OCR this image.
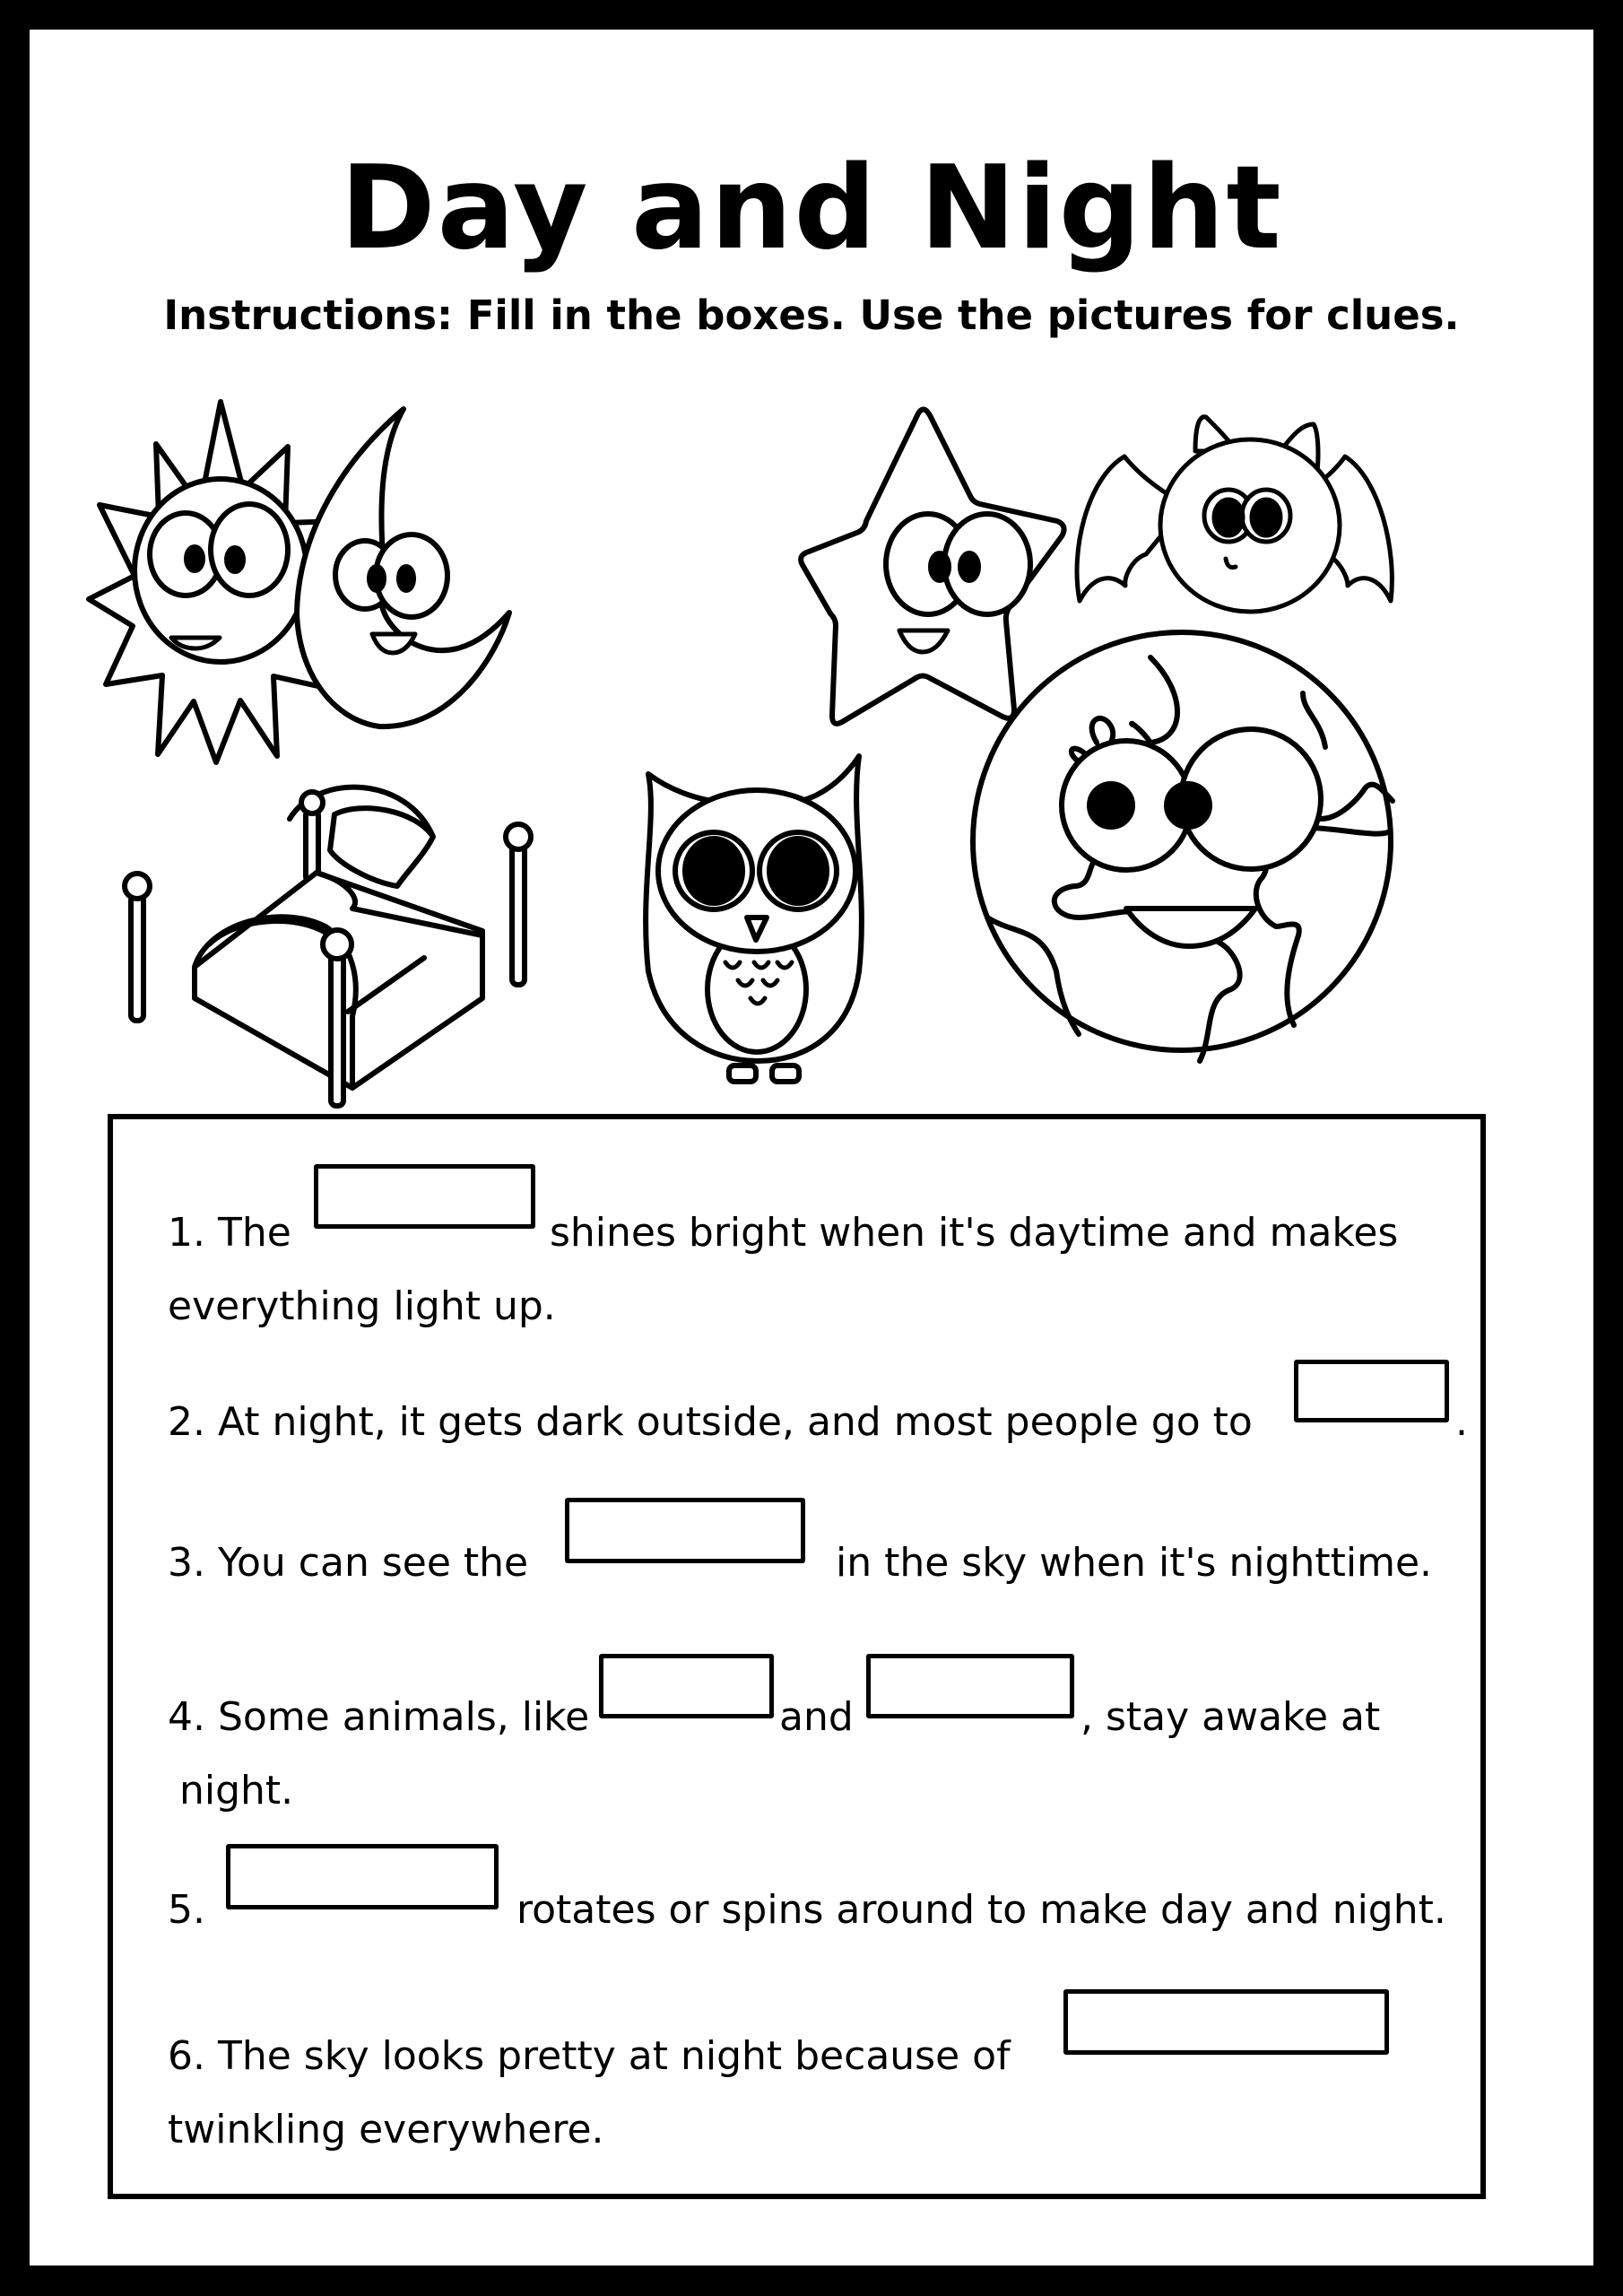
Day and Night
Instructions: Fill in the boxes. Use the pictures for clues.
1. The	shines bright when it's daytime and makes
everything light up.
2. At night, it gets dark outside, and most people go to	.
3. You can see the	in the sky when it's nighttime.
4. Some animals, like	and	, stay awake at
night.
5.	rotates or spins around to make day and night.
6. The sky looks pretty at night because of
twinkling everywhere.
